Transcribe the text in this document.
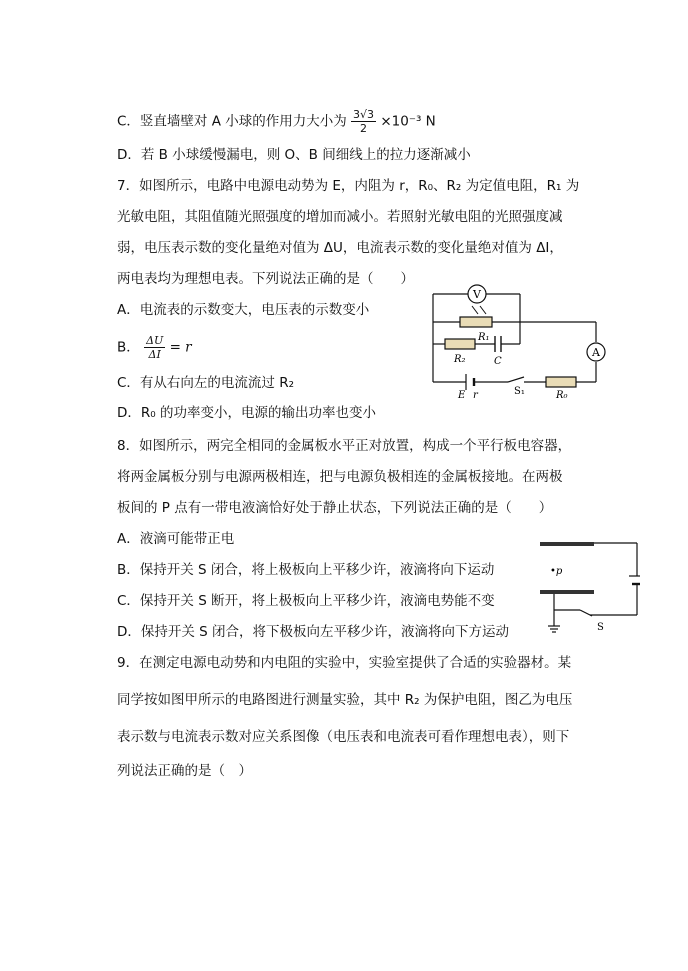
C．竖直墙壁对 A 小球的作用力大小为 $\frac{3√3}{2} \times 10^{-3}$ N
D．若 B 小球缓慢漏电，则 O、B 间细线上的拉力逐渐减小
7．如图所示，电路中电源电动势为 E，内阻为 r，R₀、R₂ 为定值电阻，R₁ 为
光敏电阻，其阻值随光照强度的增加而减小。若照射光敏电阻的光照强度减
弱，电压表示数的变化量绝对值为 ΔU，电流表示数的变化量绝对值为 ΔI，
两电表均为理想电表。下列说法正确的是（　　）
A．电流表的示数变大，电压表的示数变小
B． $\frac{\Delta U}{\Delta I} = r$
C．有从右向左的电流流过 R₂
D．R₀ 的功率变小，电源的输出功率也变小
V
R₁
R₂	C
A
E r	S₁	R₀
8．如图所示，两完全相同的金属板水平正对放置，构成一个平行板电容器，
将两金属板分别与电源两极相连，把与电源负极相连的金属板接地。在两极
板间的 P 点有一带电液滴恰好处于静止状态，下列说法正确的是（　　）
A．液滴可能带正电
B．保持开关 S 闭合，将上极板向上平移少许，液滴将向下运动
C．保持开关 S 断开，将上极板向上平移少许，液滴电势能不变
D．保持开关 S 闭合，将下极板向左平移少许，液滴将向下方运动
•p
S
9．在测定电源电动势和内电阻的实验中，实验室提供了合适的实验器材。某
同学按如图甲所示的电路图进行测量实验，其中 R₂ 为保护电阻，图乙为电压
表示数与电流表示数对应关系图像（电压表和电流表可看作理想电表），则下
列说法正确的是（　）
